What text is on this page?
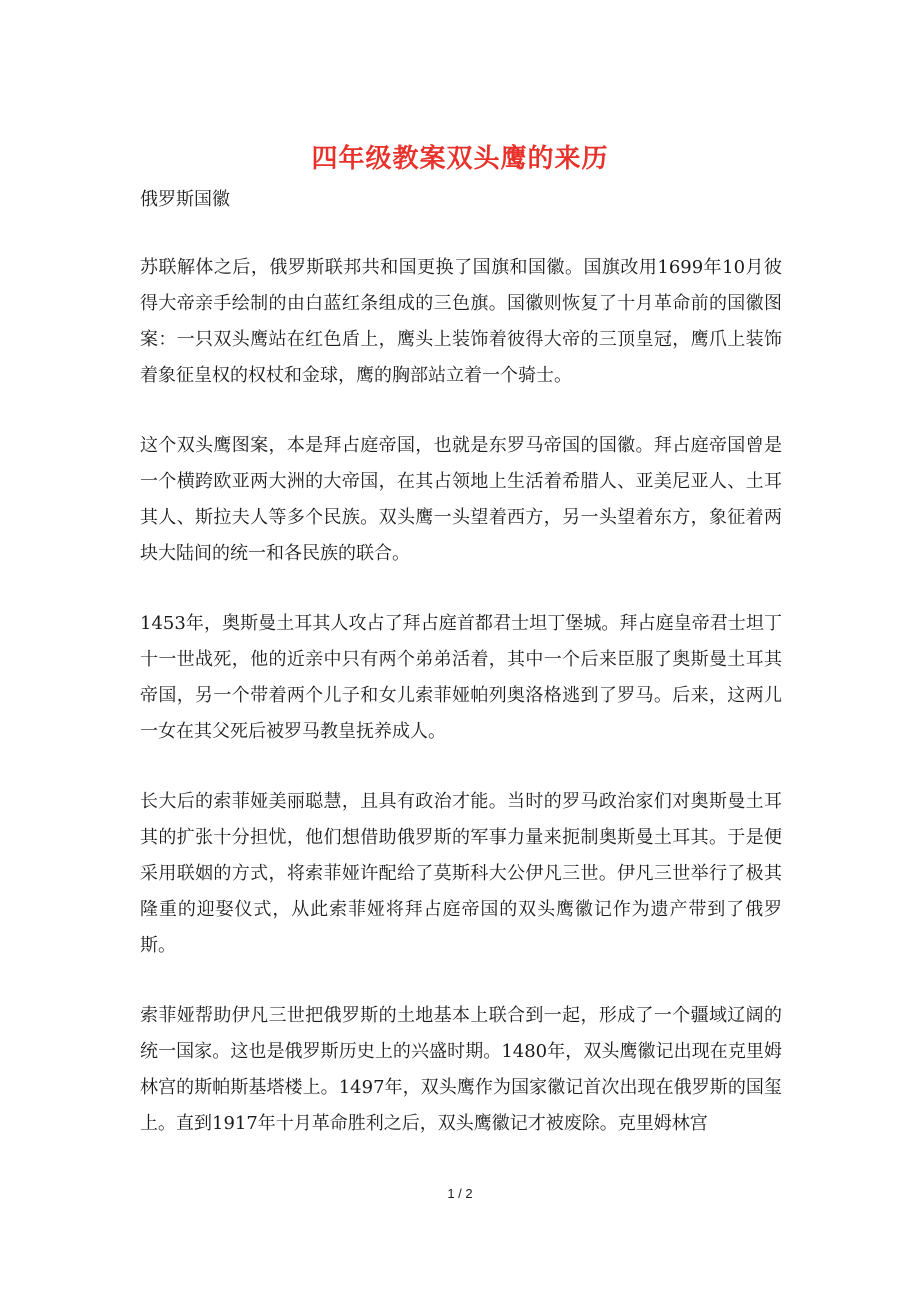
四年级教案双头鹰的来历

俄罗斯国徽

苏联解体之后，俄罗斯联邦共和国更换了国旗和国徽。国旗改用1699年10月彼得大帝亲手绘制的由白蓝红条组成的三色旗。国徽则恢复了十月革命前的国徽图案：一只双头鹰站在红色盾上，鹰头上装饰着彼得大帝的三顶皇冠，鹰爪上装饰着象征皇权的权杖和金球，鹰的胸部站立着一个骑士。

这个双头鹰图案，本是拜占庭帝国，也就是东罗马帝国的国徽。拜占庭帝国曾是一个横跨欧亚两大洲的大帝国，在其占领地上生活着希腊人、亚美尼亚人、土耳其人、斯拉夫人等多个民族。双头鹰一头望着西方，另一头望着东方，象征着两块大陆间的统一和各民族的联合。

1453年，奥斯曼土耳其人攻占了拜占庭首都君士坦丁堡城。拜占庭皇帝君士坦丁十一世战死，他的近亲中只有两个弟弟活着，其中一个后来臣服了奥斯曼土耳其帝国，另一个带着两个儿子和女儿索菲娅帕列奥洛格逃到了罗马。后来，这两儿一女在其父死后被罗马教皇抚养成人。

长大后的索菲娅美丽聪慧，且具有政治才能。当时的罗马政治家们对奥斯曼土耳其的扩张十分担忧，他们想借助俄罗斯的军事力量来扼制奥斯曼土耳其。于是便采用联姻的方式，将索菲娅许配给了莫斯科大公伊凡三世。伊凡三世举行了极其隆重的迎娶仪式，从此索菲娅将拜占庭帝国的双头鹰徽记作为遗产带到了俄罗斯。

索菲娅帮助伊凡三世把俄罗斯的土地基本上联合到一起，形成了一个疆域辽阔的统一国家。这也是俄罗斯历史上的兴盛时期。1480年，双头鹰徽记出现在克里姆林宫的斯帕斯基塔楼上。1497年，双头鹰作为国家徽记首次出现在俄罗斯的国玺上。直到1917年十月革命胜利之后，双头鹰徽记才被废除。克里姆林宫

1 / 2
